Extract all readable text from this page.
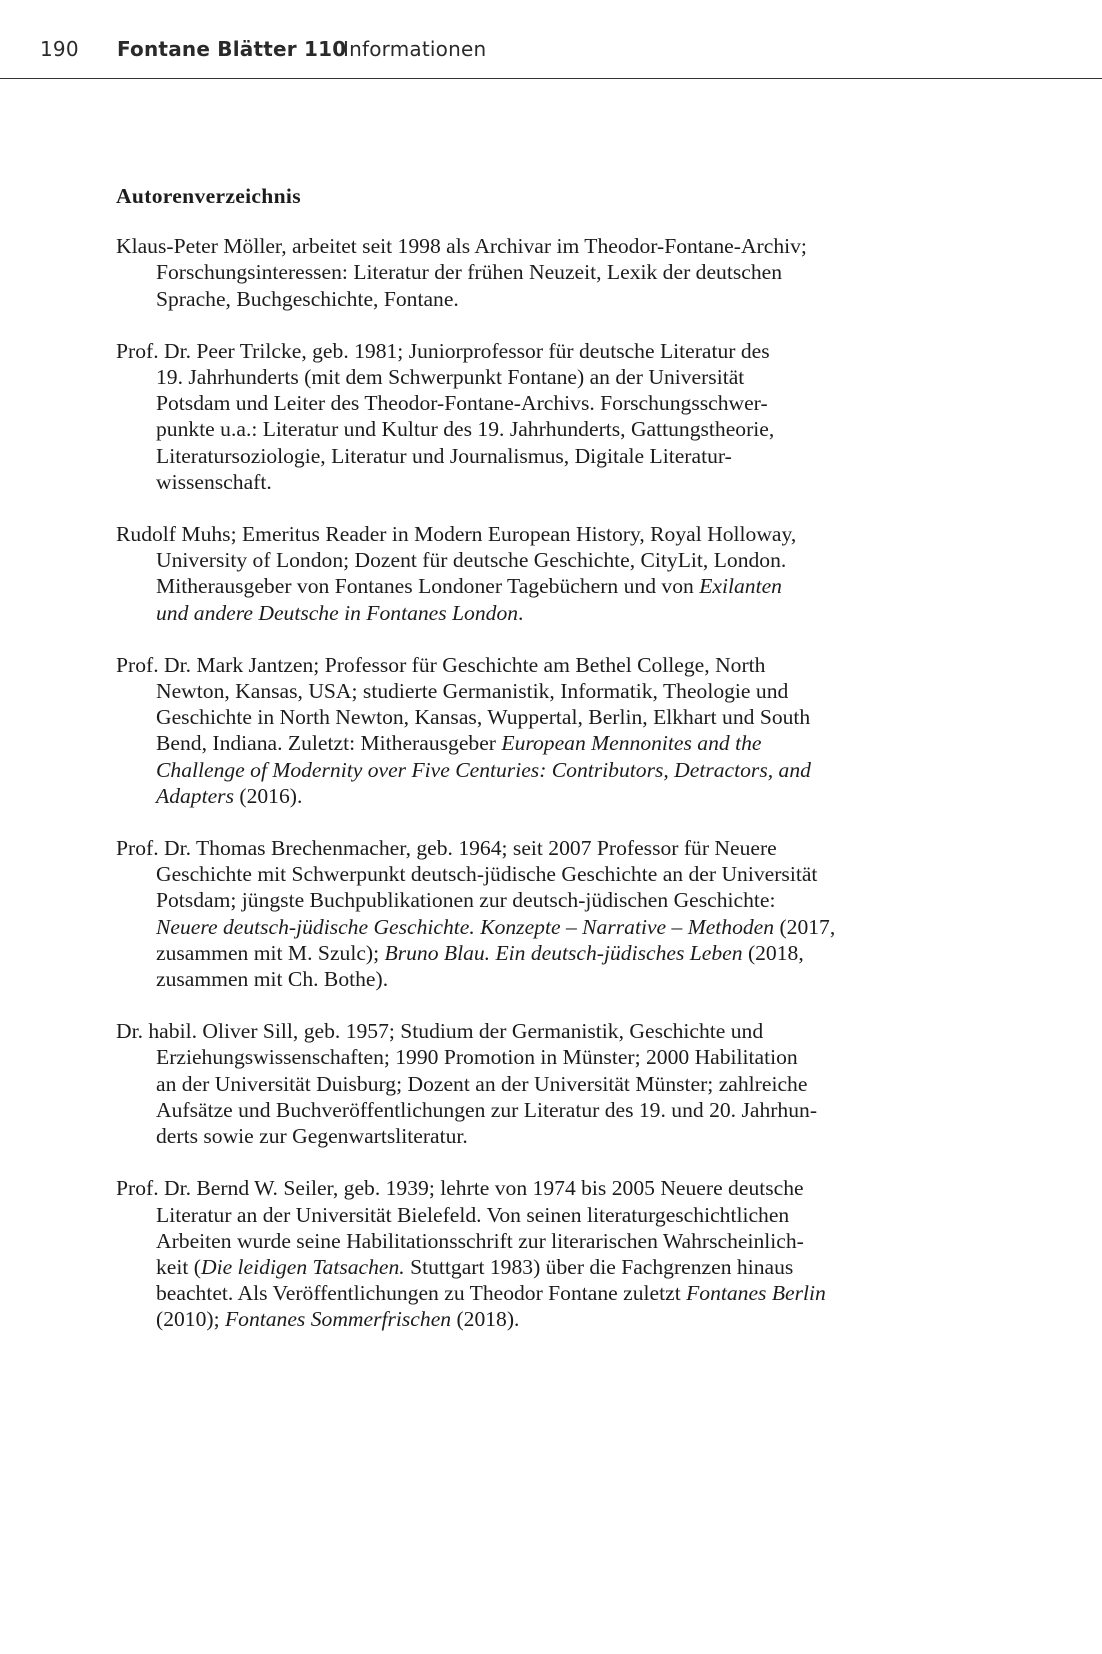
190 Fontane Blätter 110
Informationen
Autorenverzeichnis
Klaus-Peter Möller, arbeitet seit 1998 als Archivar im Theodor-Fontane-Archiv;
Forschungsinteressen: Literatur der frühen Neuzeit, Lexik der deutschen
Sprache, Buchgeschichte, Fontane.
Prof. Dr. Peer Trilcke, geb. 1981; Juniorprofessor für deutsche Literatur des
19. Jahrhunderts (mit dem Schwerpunkt Fontane) an der Universität
Potsdam und Leiter des Theodor-Fontane-Archivs. Forschungsschwer-
punkte u.a.: Literatur und Kultur des 19. Jahrhunderts, Gattungstheorie,
Literatursoziologie, Literatur und Journalismus, Digitale Literatur-
wissenschaft.
Rudolf Muhs; Emeritus Reader in Modern European History, Royal Holloway,
University of London; Dozent für deutsche Geschichte, CityLit, London.
Mitherausgeber von Fontanes Londoner Tagebüchern und von Exilanten
und andere Deutsche in Fontanes London.
Prof. Dr. Mark Jantzen; Professor für Geschichte am Bethel College, North
Newton, Kansas, USA; studierte Germanistik, Informatik, Theologie und
Geschichte in North Newton, Kansas, Wuppertal, Berlin, Elkhart und South
Bend, Indiana. Zuletzt: Mitherausgeber European Mennonites and the
Challenge of Modernity over Five Centuries: Contributors, Detractors, and
Adapters (2016).
Prof. Dr. Thomas Brechenmacher, geb. 1964; seit 2007 Professor für Neuere
Geschichte mit Schwerpunkt deutsch-jüdische Geschichte an der Universität
Potsdam; jüngste Buchpublikationen zur deutsch-jüdischen Geschichte:
Neuere deutsch-jüdische Geschichte. Konzepte – Narrative – Methoden (2017,
zusammen mit M. Szulc); Bruno Blau. Ein deutsch-jüdisches Leben (2018,
zusammen mit Ch. Bothe).
Dr. habil. Oliver Sill, geb. 1957; Studium der Germanistik, Geschichte und
Erziehungswissenschaften; 1990 Promotion in Münster; 2000 Habilitation
an der Universität Duisburg; Dozent an der Universität Münster; zahlreiche
Aufsätze und Buchveröffentlichungen zur Literatur des 19. und 20. Jahrhun-
derts sowie zur Gegenwartsliteratur.
Prof. Dr. Bernd W. Seiler, geb. 1939; lehrte von 1974 bis 2005 Neuere deutsche
Literatur an der Universität Bielefeld. Von seinen literaturgeschichtlichen
Arbeiten wurde seine Habilitationsschrift zur literarischen Wahrscheinlich-
keit (Die leidigen Tatsachen. Stuttgart 1983) über die Fachgrenzen hinaus
beachtet. Als Veröffentlichungen zu Theodor Fontane zuletzt Fontanes Berlin
(2010); Fontanes Sommerfrischen (2018).
